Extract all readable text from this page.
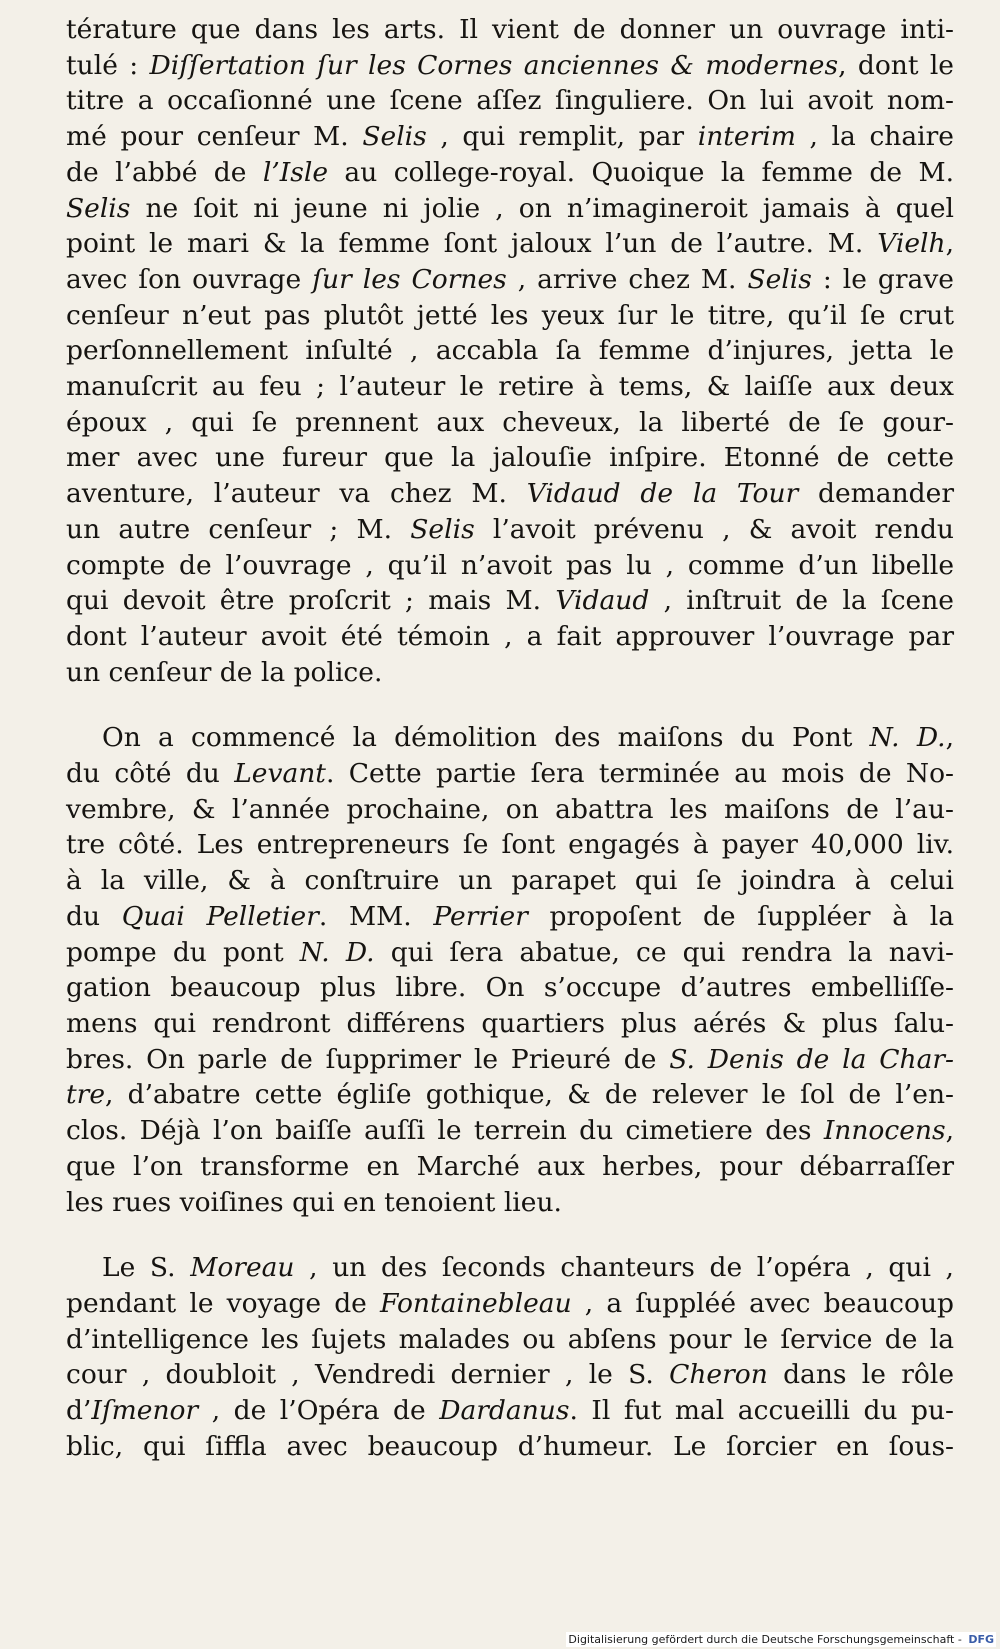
térature que dans les arts. Il vient de donner un ouvrage inti-
tulé : Diſſertation ſur les Cornes anciennes & modernes, dont le
titre a occaſionné une ſcene aſſez ſinguliere. On lui avoit nom-
mé pour cenſeur M. Selis , qui remplit, par interim , la chaire
de l’abbé de l’Isle au college-royal. Quoique la femme de M.
Selis ne ſoit ni jeune ni jolie , on n’imagineroit jamais à quel
point le mari & la femme ſont jaloux l’un de l’autre. M. Vielh,
avec ſon ouvrage ſur les Cornes , arrive chez M. Selis : le grave
cenſeur n’eut pas plutôt jetté les yeux ſur le titre, qu’il ſe crut
perſonnellement inſulté , accabla ſa femme d’injures, jetta le
manuſcrit au feu ; l’auteur le retire à tems, & laiſſe aux deux
époux , qui ſe prennent aux cheveux, la liberté de ſe gour-
mer avec une fureur que la jalouſie inſpire. Etonné de cette
aventure, l’auteur va chez M. Vidaud de la Tour demander
un autre cenſeur ; M. Selis l’avoit prévenu , & avoit rendu
compte de l’ouvrage , qu’il n’avoit pas lu , comme d’un libelle
qui devoit être proſcrit ; mais M. Vidaud , inſtruit de la ſcene
dont l’auteur avoit été témoin , a fait approuver l’ouvrage par
un cenſeur de la police.
On a commencé la démolition des maiſons du Pont N. D.,
du côté du Levant. Cette partie ſera terminée au mois de No-
vembre, & l’année prochaine, on abattra les maiſons de l’au-
tre côté. Les entrepreneurs ſe ſont engagés à payer 40,000 liv.
à la ville, & à conſtruire un parapet qui ſe joindra à celui
du Quai Pelletier. MM. Perrier propoſent de ſuppléer à la
pompe du pont N. D. qui ſera abatue, ce qui rendra la navi-
gation beaucoup plus libre. On s’occupe d’autres embelliſſe-
mens qui rendront différens quartiers plus aérés & plus ſalu-
bres. On parle de ſupprimer le Prieuré de S. Denis de la Char-
tre, d’abatre cette égliſe gothique, & de relever le ſol de l’en-
clos. Déjà l’on baiſſe auſſi le terrein du cimetiere des Innocens,
que l’on transforme en Marché aux herbes, pour débarraſſer
les rues voiſines qui en tenoient lieu.
Le S. Moreau , un des ſeconds chanteurs de l’opéra , qui ,
pendant le voyage de Fontainebleau , a ſuppléé avec beaucoup
d’intelligence les ſujets malades ou abſens pour le ſervice de la
cour , doubloit , Vendredi dernier , le S. Cheron dans le rôle
d’Iſmenor , de l’Opéra de Dardanus. Il fut mal accueilli du pu-
blic, qui ſiffla avec beaucoup d’humeur. Le ſorcier en ſous-
Digitalisierung gefördert durch die Deutsche Forschungsgemeinschaft - DFG
